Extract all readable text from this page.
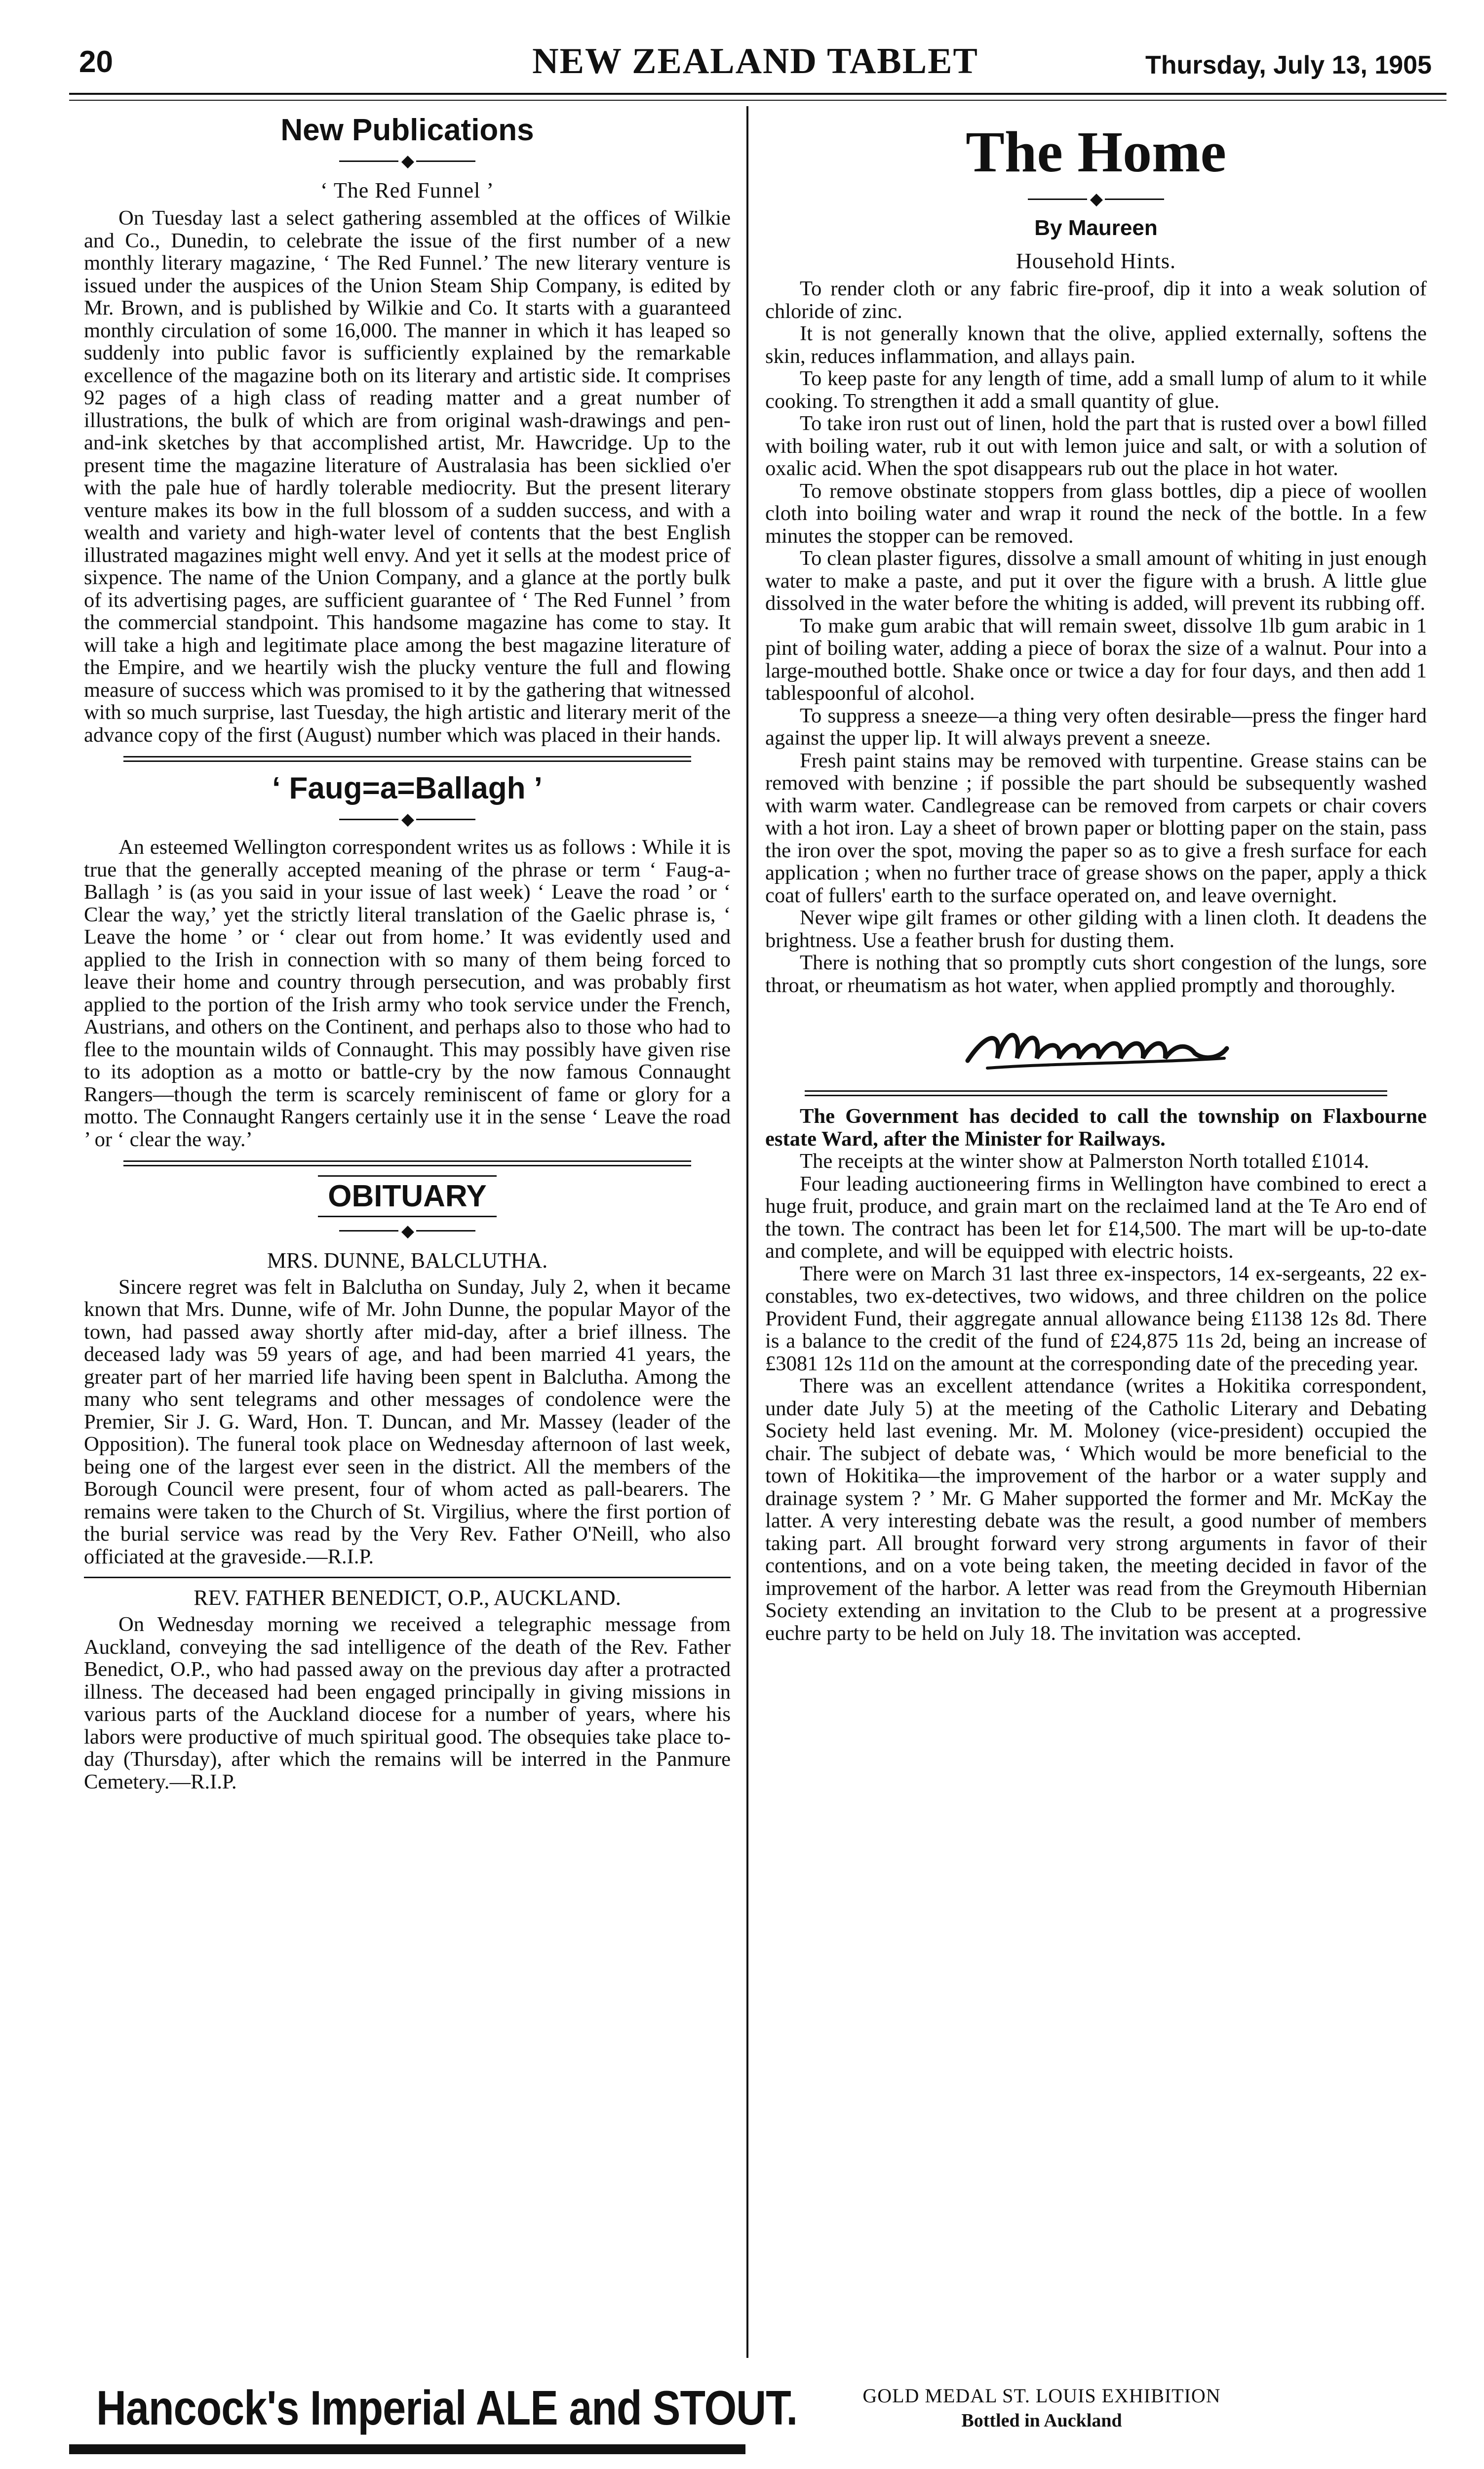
20	NEW ZEALAND TABLET	Thursday, July 13, 1905
New Publications
◆
‘ The Red Funnel ’

On Tuesday last a select gathering assembled at the offices of Wilkie and Co., Dunedin, to celebrate the issue of the first number of a new monthly literary magazine, ‘ The Red Funnel.’ The new literary venture is issued under the auspices of the Union Steam Ship Company, is edited by Mr. Brown, and is published by Wilkie and Co. It starts with a guaranteed monthly circulation of some 16,000. The manner in which it has leaped so suddenly into public favor is sufficiently explained by the remarkable excellence of the magazine both on its literary and artistic side. It comprises 92 pages of a high class of reading matter and a great number of illustrations, the bulk of which are from original wash-drawings and pen-and-ink sketches by that accomplished artist, Mr. Hawcridge. Up to the present time the magazine literature of Australasia has been sicklied o'er with the pale hue of hardly tolerable mediocrity. But the present literary venture makes its bow in the full blossom of a sudden success, and with a wealth and variety and high-water level of contents that the best English illustrated magazines might well envy. And yet it sells at the modest price of sixpence. The name of the Union Company, and a glance at the portly bulk of its advertising pages, are sufficient guarantee of ‘ The Red Funnel ’ from the commercial standpoint. This handsome magazine has come to stay. It will take a high and legitimate place among the best magazine literature of the Empire, and we heartily wish the plucky venture the full and flowing measure of success which was promised to it by the gathering that witnessed with so much surprise, last Tuesday, the high artistic and literary merit of the advance copy of the first (August) number which was placed in their hands.

‘ Faug=a=Ballagh ’
◆

An esteemed Wellington correspondent writes us as follows : While it is true that the generally accepted meaning of the phrase or term ‘ Faug-a-Ballagh ’ is (as you said in your issue of last week) ‘ Leave the road ’ or ‘ Clear the way,’ yet the strictly literal translation of the Gaelic phrase is, ‘ Leave the home ’ or ‘ clear out from home.’ It was evidently used and applied to the Irish in connection with so many of them being forced to leave their home and country through persecution, and was probably first applied to the portion of the Irish army who took service under the French, Austrians, and others on the Continent, and perhaps also to those who had to flee to the mountain wilds of Connaught. This may possibly have given rise to its adoption as a motto or battle-cry by the now famous Connaught Rangers—though the term is scarcely reminiscent of fame or glory for a motto. The Connaught Rangers certainly use it in the sense ‘ Leave the road ’ or ‘ clear the way.’

OBITUARY
◆
MRS. DUNNE, BALCLUTHA.

Sincere regret was felt in Balclutha on Sunday, July 2, when it became known that Mrs. Dunne, wife of Mr. John Dunne, the popular Mayor of the town, had passed away shortly after mid-day, after a brief illness. The deceased lady was 59 years of age, and had been married 41 years, the greater part of her married life having been spent in Balclutha. Among the many who sent telegrams and other messages of condolence were the Premier, Sir J. G. Ward, Hon. T. Duncan, and Mr. Massey (leader of the Opposition). The funeral took place on Wednesday afternoon of last week, being one of the largest ever seen in the district. All the members of the Borough Council were present, four of whom acted as pall-bearers. The remains were taken to the Church of St. Virgilius, where the first portion of the burial service was read by the Very Rev. Father O'Neill, who also officiated at the graveside.—R.I.P.

REV. FATHER BENEDICT, O.P., AUCKLAND.

On Wednesday morning we received a telegraphic message from Auckland, conveying the sad intelligence of the death of the Rev. Father Benedict, O.P., who had passed away on the previous day after a protracted illness. The deceased had been engaged principally in giving missions in various parts of the Auckland diocese for a number of years, where his labors were productive of much spiritual good. The obsequies take place to-day (Thursday), after which the remains will be interred in the Panmure Cemetery.—R.I.P.

The Home
◆
By Maureen
Household Hints.

To render cloth or any fabric fire-proof, dip it into a weak solution of chloride of zinc.

It is not generally known that the olive, applied externally, softens the skin, reduces inflammation, and allays pain.

To keep paste for any length of time, add a small lump of alum to it while cooking. To strengthen it add a small quantity of glue.

To take iron rust out of linen, hold the part that is rusted over a bowl filled with boiling water, rub it out with lemon juice and salt, or with a solution of oxalic acid. When the spot disappears rub out the place in hot water.

To remove obstinate stoppers from glass bottles, dip a piece of woollen cloth into boiling water and wrap it round the neck of the bottle. In a few minutes the stopper can be removed.

To clean plaster figures, dissolve a small amount of whiting in just enough water to make a paste, and put it over the figure with a brush. A little glue dissolved in the water before the whiting is added, will prevent its rubbing off.

To make gum arabic that will remain sweet, dissolve 1lb gum arabic in 1 pint of boiling water, adding a piece of borax the size of a walnut. Pour into a large-mouthed bottle. Shake once or twice a day for four days, and then add 1 tablespoonful of alcohol.

To suppress a sneeze—a thing very often desirable—press the finger hard against the upper lip. It will always prevent a sneeze.

Fresh paint stains may be removed with turpentine. Grease stains can be removed with benzine ; if possible the part should be subsequently washed with warm water. Candlegrease can be removed from carpets or chair covers with a hot iron. Lay a sheet of brown paper or blotting paper on the stain, pass the iron over the spot, moving the paper so as to give a fresh surface for each application ; when no further trace of grease shows on the paper, apply a thick coat of fullers' earth to the surface operated on, and leave overnight.

Never wipe gilt frames or other gilding with a linen cloth. It deadens the brightness. Use a feather brush for dusting them.

There is nothing that so promptly cuts short congestion of the lungs, sore throat, or rheumatism as hot water, when applied promptly and thoroughly.

The Government has decided to call the township on Flaxbourne estate Ward, after the Minister for Railways.

The receipts at the winter show at Palmerston North totalled £1014.

Four leading auctioneering firms in Wellington have combined to erect a huge fruit, produce, and grain mart on the reclaimed land at the Te Aro end of the town. The contract has been let for £14,500. The mart will be up-to-date and complete, and will be equipped with electric hoists.

There were on March 31 last three ex-inspectors, 14 ex-sergeants, 22 ex-constables, two ex-detectives, two widows, and three children on the police Provident Fund, their aggregate annual allowance being £1138 12s 8d. There is a balance to the credit of the fund of £24,875 11s 2d, being an increase of £3081 12s 11d on the amount at the corresponding date of the preceding year.

There was an excellent attendance (writes a Hokitika correspondent, under date July 5) at the meeting of the Catholic Literary and Debating Society held last evening. Mr. M. Moloney (vice-president) occupied the chair. The subject of debate was, ‘ Which would be more beneficial to the town of Hokitika—the improvement of the harbor or a water supply and drainage system ? ’ Mr. G Maher supported the former and Mr. McKay the latter. A very interesting debate was the result, a good number of members taking part. All brought forward very strong arguments in favor of their contentions, and on a vote being taken, the meeting decided in favor of the improvement of the harbor. A letter was read from the Greymouth Hibernian Society extending an invitation to the Club to be present at a progressive euchre party to be held on July 18. The invitation was accepted.

Hancock's Imperial ALE and STOUT.	GOLD MEDAL ST. LOUIS EXHIBITION
Bottled in Auckland
